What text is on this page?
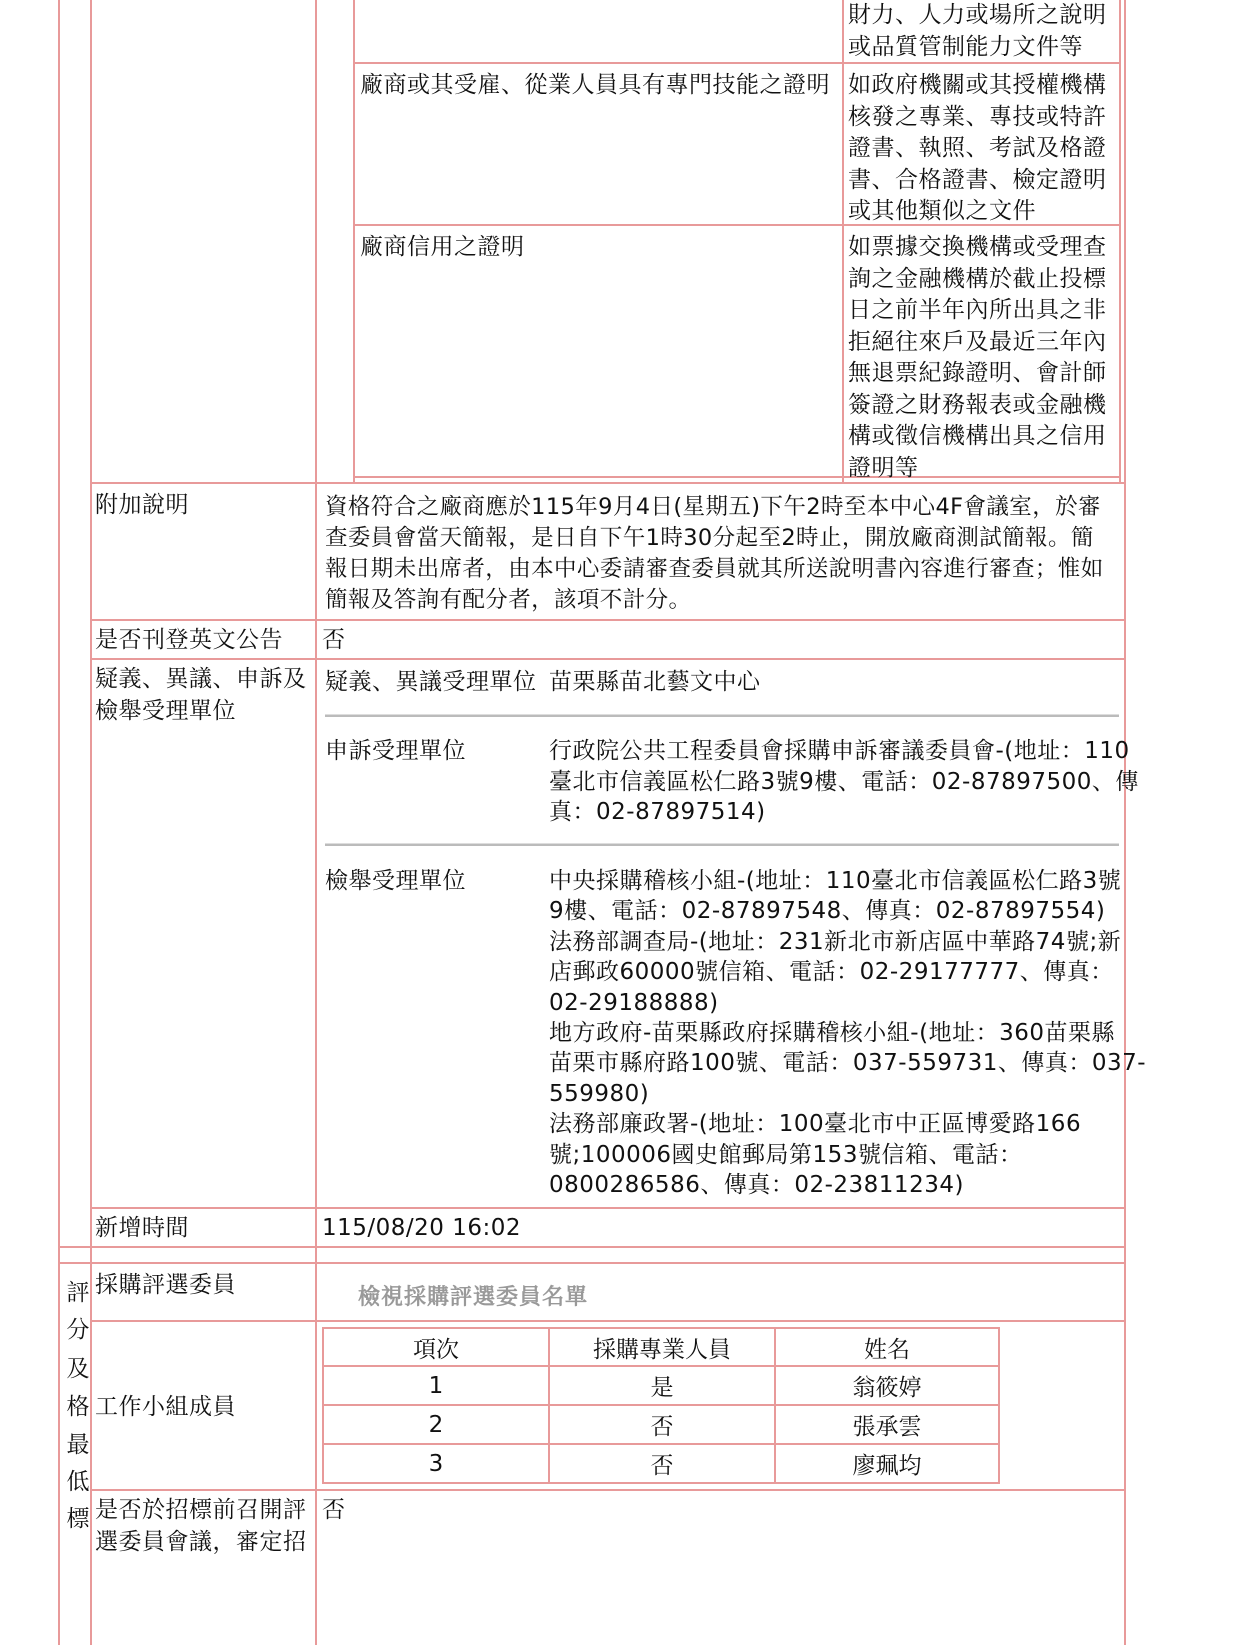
財力、人力或場所之說明
或品質管制能力文件等
廠商或其受雇、從業人員具有專門技能之證明 如政府機關或其授權機構
核發之專業、專技或特許
證書、執照、考試及格證
書、合格證書、檢定證明
或其他類似之文件
廠商信用之證明	如票據交換機構或受理查
詢之金融機構於截止投標
日之前半年內所出具之非
拒絕往來戶及最近三年內
無退票紀錄證明、會計師
簽證之財務報表或金融機
構或徵信機構出具之信用
證明等
附加說明	資格符合之廠商應於115年9月4日(星期五)下午2時至本中心4F會議室，於審
查委員會當天簡報，是日自下午1時30分起至2時止，開放廠商測試簡報。簡
報日期未出席者，由本中心委請審查委員就其所送說明書內容進行審查；惟如
簡報及答詢有配分者，該項不計分。
是否刊登英文公告 否
疑義、異議、申訴及
檢舉受理單位
疑義、異議受理單位 苗栗縣苗北藝文中心
申訴受理單位	行政院公共工程委員會採購申訴審議委員會-(地址：110
臺北市信義區松仁路3號9樓、電話：02-87897500、傳
真：02-87897514)
檢舉受理單位	中央採購稽核小組-(地址：110臺北市信義區松仁路3號
9樓、電話：02-87897548、傳真：02-87897554)
法務部調查局-(地址：231新北市新店區中華路74號;新
店郵政60000號信箱、電話：02-29177777、傳真：
02-29188888)
地方政府-苗栗縣政府採購稽核小組-(地址：360苗栗縣
苗栗市縣府路100號、電話：037-559731、傳真：037-
559980)
法務部廉政署-(地址：100臺北市中正區博愛路166
號;100006國史館郵局第153號信箱、電話：
0800286586、傳真：02-23811234)
新增時間	115/08/20 16:02
評
分
及
格
最
低
標
採購評選委員	檢視採購評選委員名單
工作小組成員
項次	採購專業人員	姓名
1	是	翁筱婷
2	否	張承雲
3	否	廖珮均
是否於招標前召開評
選委員會議，審定招
否
